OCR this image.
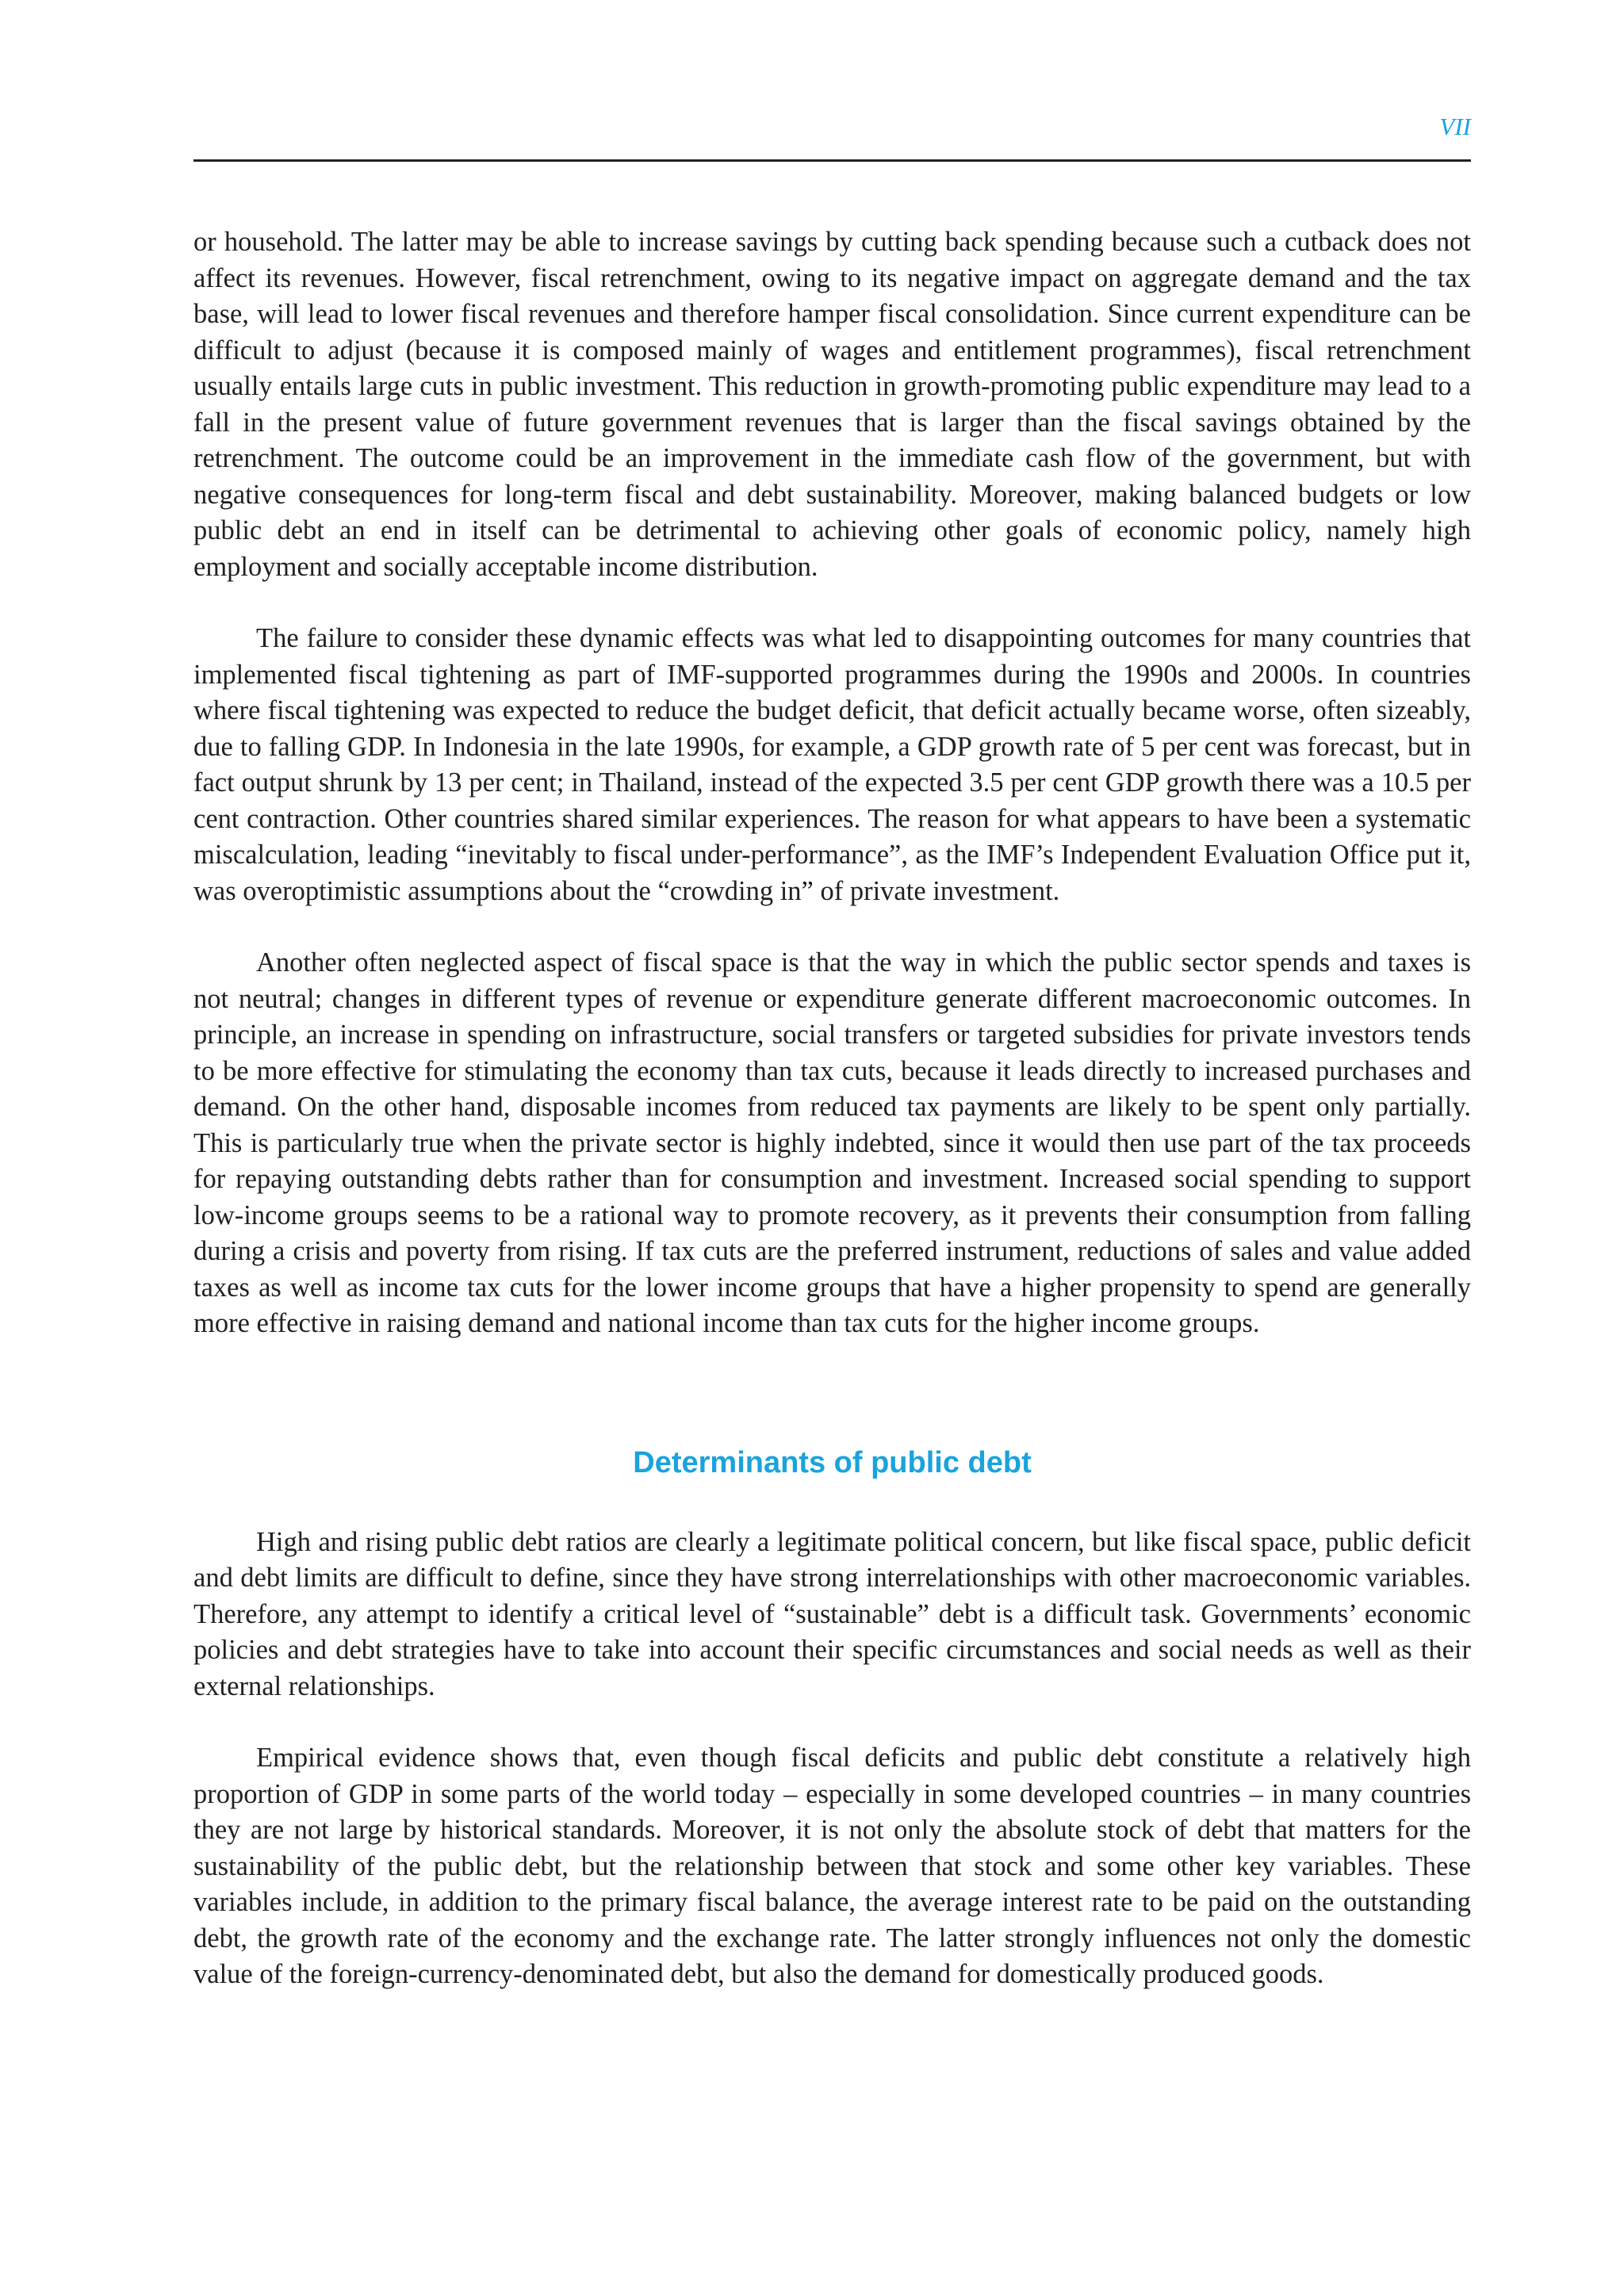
VII

or household. The latter may be able to increase savings by cutting back spending because such a cutback does not affect its revenues. However, fiscal retrenchment, owing to its negative impact on aggregate demand and the tax base, will lead to lower fiscal revenues and therefore hamper fiscal consolidation. Since current expenditure can be difficult to adjust (because it is composed mainly of wages and entitlement programmes), fiscal retrenchment usually entails large cuts in public investment. This reduction in growth-promoting public expenditure may lead to a fall in the present value of future government revenues that is larger than the fiscal savings obtained by the retrenchment. The outcome could be an improvement in the immediate cash flow of the government, but with negative consequences for long-term fiscal and debt sustainability. Moreover, making balanced budgets or low public debt an end in itself can be detrimental to achieving other goals of economic policy, namely high employment and socially acceptable income distribution.

The failure to consider these dynamic effects was what led to disappointing outcomes for many countries that implemented fiscal tightening as part of IMF-supported programmes during the 1990s and 2000s. In countries where fiscal tightening was expected to reduce the budget deficit, that deficit actually became worse, often sizeably, due to falling GDP. In Indonesia in the late 1990s, for example, a GDP growth rate of 5 per cent was forecast, but in fact output shrunk by 13 per cent; in Thailand, instead of the expected 3.5 per cent GDP growth there was a 10.5 per cent contraction. Other countries shared similar experiences. The reason for what appears to have been a systematic miscalculation, leading “inevitably to fiscal under-performance”, as the IMF’s Independent Evaluation Office put it, was overoptimistic assumptions about the “crowding in” of private investment.

Another often neglected aspect of fiscal space is that the way in which the public sector spends and taxes is not neutral; changes in different types of revenue or expenditure generate different macroeconomic outcomes. In principle, an increase in spending on infrastructure, social transfers or targeted subsidies for private investors tends to be more effective for stimulating the economy than tax cuts, because it leads directly to increased purchases and demand. On the other hand, disposable incomes from reduced tax payments are likely to be spent only partially. This is particularly true when the private sector is highly indebted, since it would then use part of the tax proceeds for repaying outstanding debts rather than for consumption and investment. Increased social spending to support low-income groups seems to be a rational way to promote recovery, as it prevents their consumption from falling during a crisis and poverty from rising. If tax cuts are the preferred instrument, reductions of sales and value added taxes as well as income tax cuts for the lower income groups that have a higher propensity to spend are generally more effective in raising demand and national income than tax cuts for the higher income groups.

Determinants of public debt

High and rising public debt ratios are clearly a legitimate political concern, but like fiscal space, public deficit and debt limits are difficult to define, since they have strong interrelationships with other macroeconomic variables. Therefore, any attempt to identify a critical level of “sustainable” debt is a difficult task. Governments’ economic policies and debt strategies have to take into account their specific circumstances and social needs as well as their external relationships.

Empirical evidence shows that, even though fiscal deficits and public debt constitute a relatively high proportion of GDP in some parts of the world today – especially in some developed countries – in many countries they are not large by historical standards. Moreover, it is not only the absolute stock of debt that matters for the sustainability of the public debt, but the relationship between that stock and some other key variables. These variables include, in addition to the primary fiscal balance, the average interest rate to be paid on the outstanding debt, the growth rate of the economy and the exchange rate. The latter strongly influences not only the domestic value of the foreign-currency-denominated debt, but also the demand for domestically produced goods.
